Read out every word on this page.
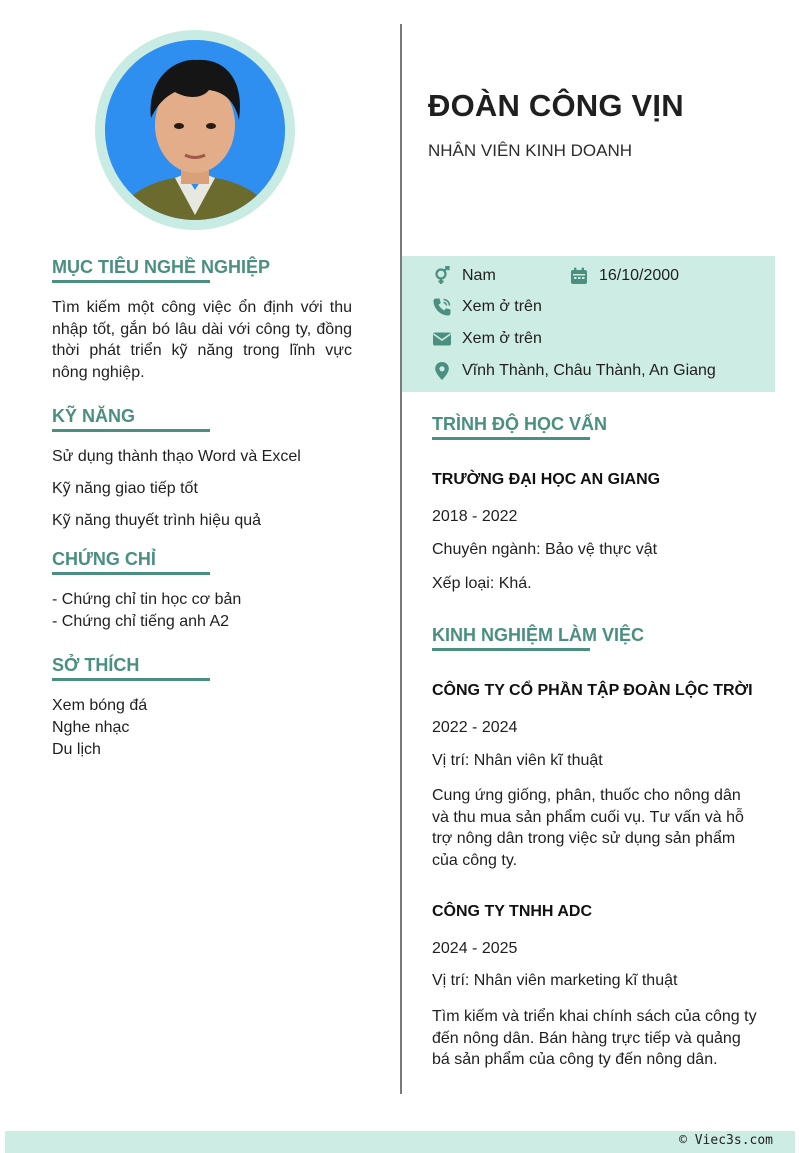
MỤC TIÊU NGHỀ NGHIỆP
Tìm kiếm một công việc ổn định với thu nhập tốt, gắn bó lâu dài với công ty, đồng thời phát triển kỹ năng trong lĩnh vực nông nghiệp.
KỸ NĂNG
Sử dụng thành thạo Word và Excel
Kỹ năng giao tiếp tốt
Kỹ năng thuyết trình hiệu quả
CHỨNG CHỈ
- Chứng chỉ tin học cơ bản
- Chứng chỉ tiếng anh A2
SỞ THÍCH
Xem bóng đá
Nghe nhạc
Du lịch
ĐOÀN CÔNG VỊN
NHÂN VIÊN KINH DOANH
Nam	16/10/2000
Xem ở trên
Xem ở trên
Vĩnh Thành, Châu Thành, An Giang
TRÌNH ĐỘ HỌC VẤN
TRƯỜNG ĐẠI HỌC AN GIANG
2018 - 2022
Chuyên ngành: Bảo vệ thực vật
Xếp loại: Khá.
KINH NGHIỆM LÀM VIỆC
CÔNG TY CỔ PHẦN TẬP ĐOÀN LỘC TRỜI
2022 - 2024
Vị trí: Nhân viên kĩ thuật
Cung ứng giống, phân, thuốc cho nông dân và thu mua sản phẩm cuối vụ. Tư vấn và hỗ trợ nông dân trong việc sử dụng sản phẩm của công ty.
CÔNG TY TNHH ADC
2024 - 2025
Vị trí: Nhân viên marketing kĩ thuật
Tìm kiếm và triển khai chính sách của công ty đến nông dân. Bán hàng trực tiếp và quảng bá sản phẩm của công ty đến nông dân.
© Viec3s.com
